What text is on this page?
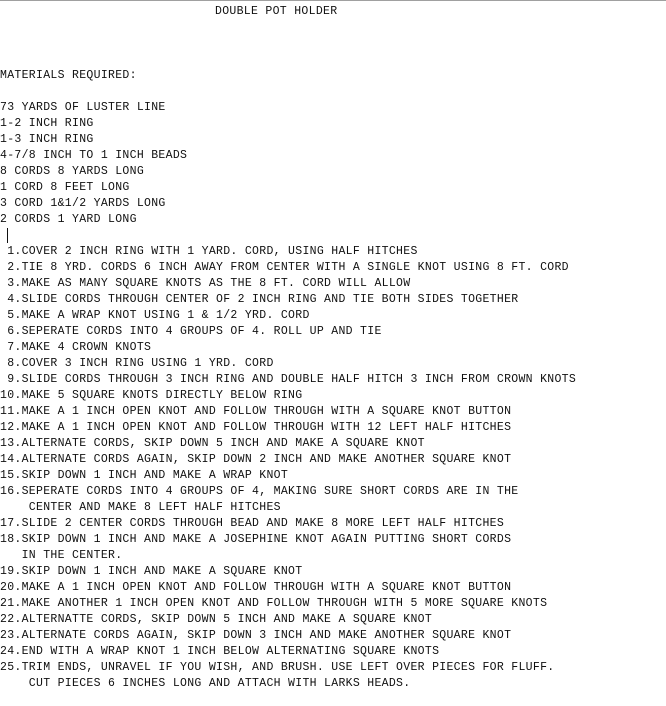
DOUBLE POT HOLDER
MATERIALS REQUIRED:
73 YARDS OF LUSTER LINE
1-2 INCH RING
1-3 INCH RING
4-7/8 INCH TO 1 INCH BEADS
8 CORDS 8 YARDS LONG
1 CORD 8 FEET LONG
3 CORD 1&1/2 YARDS LONG
2 CORDS 1 YARD LONG
1.COVER 2 INCH RING WITH 1 YARD. CORD, USING HALF HITCHES
2.TIE 8 YRD. CORDS 6 INCH AWAY FROM CENTER WITH A SINGLE KNOT USING 8 FT. CORD
3.MAKE AS MANY SQUARE KNOTS AS THE 8 FT. CORD WILL ALLOW
4.SLIDE CORDS THROUGH CENTER OF 2 INCH RING AND TIE BOTH SIDES TOGETHER
5.MAKE A WRAP KNOT USING 1 & 1/2 YRD. CORD
6.SEPERATE CORDS INTO 4 GROUPS OF 4. ROLL UP AND TIE
7.MAKE 4 CROWN KNOTS
8.COVER 3 INCH RING USING 1 YRD. CORD
9.SLIDE CORDS THROUGH 3 INCH RING AND DOUBLE HALF HITCH 3 INCH FROM CROWN KNOTS
10.MAKE 5 SQUARE KNOTS DIRECTLY BELOW RING
11.MAKE A 1 INCH OPEN KNOT AND FOLLOW THROUGH WITH A SQUARE KNOT BUTTON
12.MAKE A 1 INCH OPEN KNOT AND FOLLOW THROUGH WITH 12 LEFT HALF HITCHES
13.ALTERNATE CORDS, SKIP DOWN 5 INCH AND MAKE A SQUARE KNOT
14.ALTERNATE CORDS AGAIN, SKIP DOWN 2 INCH AND MAKE ANOTHER SQUARE KNOT
15.SKIP DOWN 1 INCH AND MAKE A WRAP KNOT
16.SEPERATE CORDS INTO 4 GROUPS OF 4, MAKING SURE SHORT CORDS ARE IN THE
CENTER AND MAKE 8 LEFT HALF HITCHES
17.SLIDE 2 CENTER CORDS THROUGH BEAD AND MAKE 8 MORE LEFT HALF HITCHES
18.SKIP DOWN 1 INCH AND MAKE A JOSEPHINE KNOT AGAIN PUTTING SHORT CORDS
IN THE CENTER.
19.SKIP DOWN 1 INCH AND MAKE A SQUARE KNOT
20.MAKE A 1 INCH OPEN KNOT AND FOLLOW THROUGH WITH A SQUARE KNOT BUTTON
21.MAKE ANOTHER 1 INCH OPEN KNOT AND FOLLOW THROUGH WITH 5 MORE SQUARE KNOTS
22.ALTERNATTE CORDS, SKIP DOWN 5 INCH AND MAKE A SQUARE KNOT
23.ALTERNATE CORDS AGAIN, SKIP DOWN 3 INCH AND MAKE ANOTHER SQUARE KNOT
24.END WITH A WRAP KNOT 1 INCH BELOW ALTERNATING SQUARE KNOTS
25.TRIM ENDS, UNRAVEL IF YOU WISH, AND BRUSH. USE LEFT OVER PIECES FOR FLUFF.
CUT PIECES 6 INCHES LONG AND ATTACH WITH LARKS HEADS.
